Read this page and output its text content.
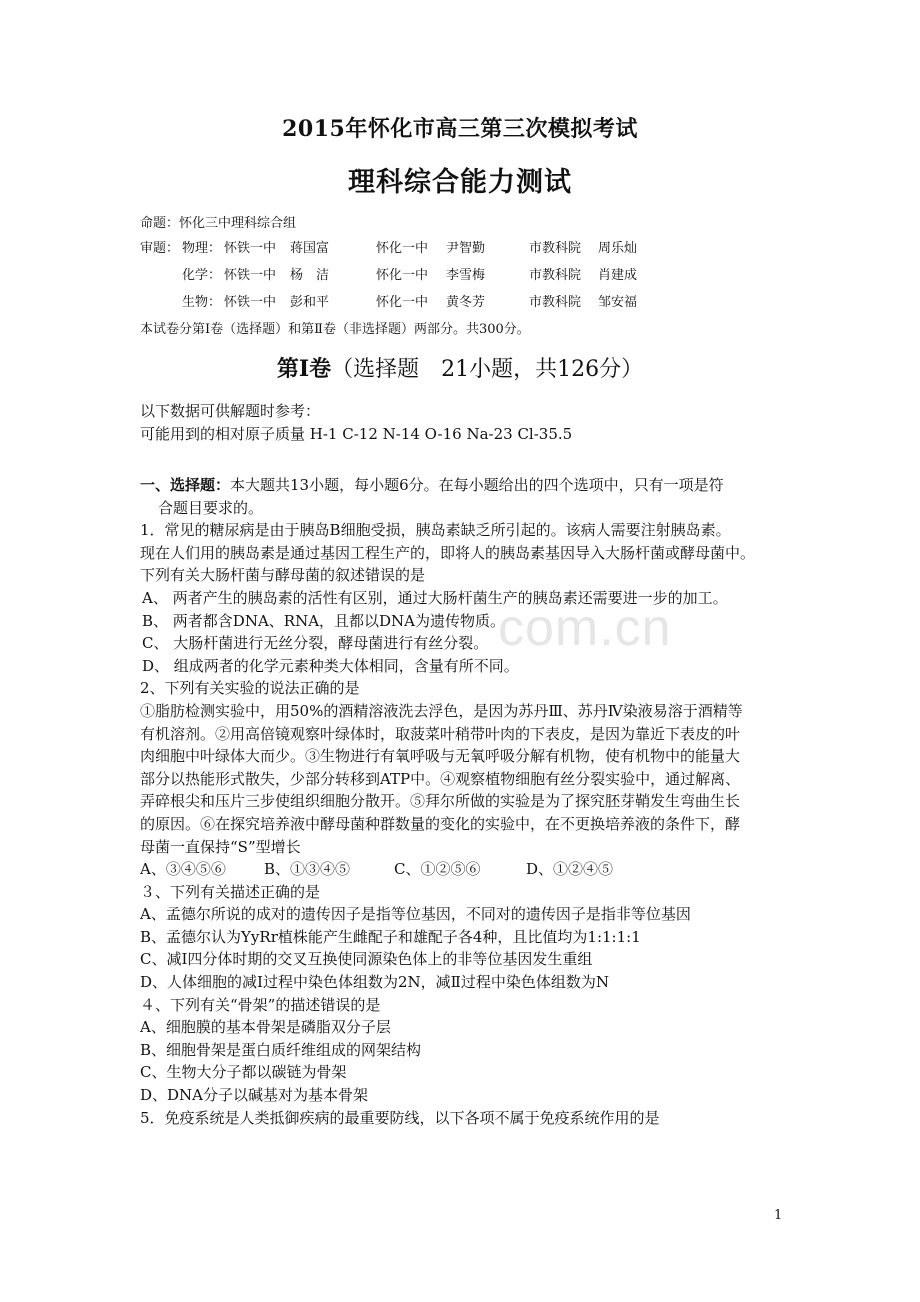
2015年怀化市高三第三次模拟考试
理科综合能力测试
命题：怀化三中理科综合组
审题： 物理： 怀铁一中 蒋国富	怀化一中 尹智勤	市教科院 周乐灿
化学： 怀铁一中 杨　洁	怀化一中 李雪梅	市教科院 肖建成
生物： 怀铁一中 彭和平	怀化一中 黄冬芳	市教科院 邹安福
本试卷分第Ⅰ卷（选择题）和第Ⅱ卷（非选择题）两部分。共300分。
第Ⅰ卷（选择题　21小题，共126分）
以下数据可供解题时参考：
可能用到的相对原子质量 H-1 C-12 N-14 O-16 Na-23 Cl-35.5
一、选择题：本大题共13小题，每小题6分。在每小题给出的四个选项中，只有一项是符
合题目要求的。
1．常见的糖尿病是由于胰岛B细胞受损，胰岛素缺乏所引起的。该病人需要注射胰岛素。
现在人们用的胰岛素是通过基因工程生产的，即将人的胰岛素基因导入大肠杆菌或酵母菌中。
下列有关大肠杆菌与酵母菌的叙述错误的是
A、 两者产生的胰岛素的活性有区别，通过大肠杆菌生产的胰岛素还需要进一步的加工。
B、 两者都含DNA、RNA，且都以DNA为遗传物质。
C、 大肠杆菌进行无丝分裂，酵母菌进行有丝分裂。
D、 组成两者的化学元素种类大体相同，含量有所不同。
2、下列有关实验的说法正确的是
①脂肪检测实验中，用50%的酒精溶液洗去浮色，是因为苏丹Ⅲ、苏丹Ⅳ染液易溶于酒精等
有机溶剂。②用高倍镜观察叶绿体时，取菠菜叶稍带叶肉的下表皮，是因为靠近下表皮的叶
肉细胞中叶绿体大而少。③生物进行有氧呼吸与无氧呼吸分解有机物，使有机物中的能量大
部分以热能形式散失，少部分转移到ATP中。④观察植物细胞有丝分裂实验中，通过解离、
弄碎根尖和压片三步使组织细胞分散开。⑤拜尔所做的实验是为了探究胚芽鞘发生弯曲生长
的原因。⑥在探究培养液中酵母菌种群数量的变化的实验中，在不更换培养液的条件下，酵
母菌一直保持“S”型增长
A、③④⑤⑥	B、①③④⑤	C、①②⑤⑥	D、①②④⑤
３、下列有关描述正确的是
A、孟德尔所说的成对的遗传因子是指等位基因，不同对的遗传因子是指非等位基因
B、孟德尔认为YyRr植株能产生雌配子和雄配子各4种，且比值均为1:1:1:1
C、减Ⅰ四分体时期的交叉互换使同源染色体上的非等位基因发生重组
D、人体细胞的减Ⅰ过程中染色体组数为2N，减Ⅱ过程中染色体组数为N
４、下列有关“骨架”的描述错误的是
A、细胞膜的基本骨架是磷脂双分子层
B、细胞骨架是蛋白质纤维组成的网架结构
C、生物大分子都以碳链为骨架
D、DNA分子以碱基对为基本骨架
5．免疫系统是人类抵御疾病的最重要防线，以下各项不属于免疫系统作用的是
com.cn
1
